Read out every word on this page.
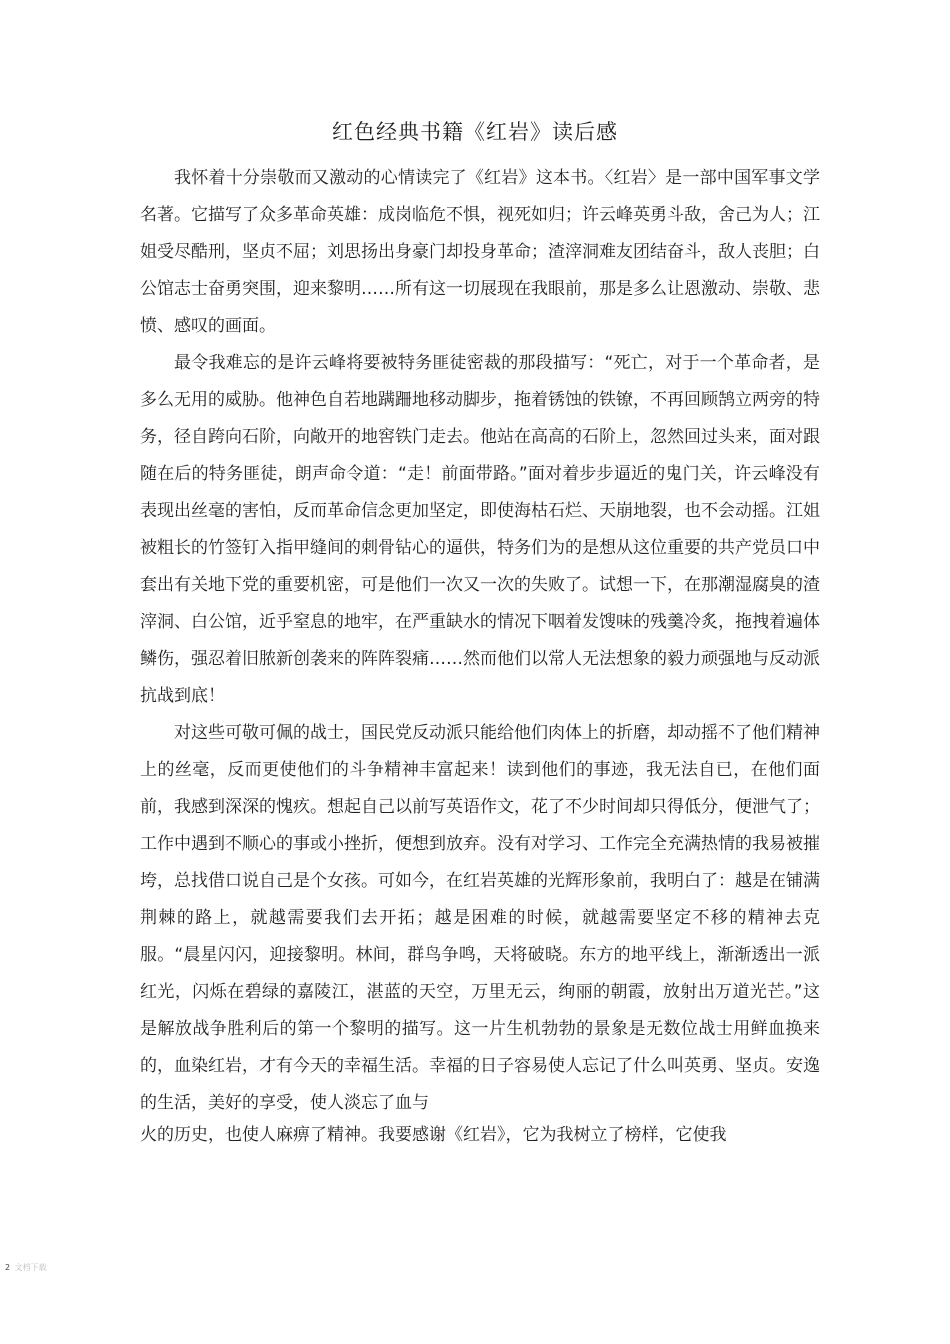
红色经典书籍《红岩》读后感

我怀着十分崇敬而又激动的心情读完了《红岩》这本书。〈红岩〉是一部中国军事文学名著。它描写了众多革命英雄：成岗临危不惧，视死如归；许云峰英勇斗敌，舍己为人；江姐受尽酷刑，坚贞不屈；刘思扬出身豪门却投身革命；渣滓洞难友团结奋斗，敌人丧胆；白公馆志士奋勇突围，迎来黎明……所有这一切展现在我眼前，那是多么让恩激动、崇敬、悲愤、感叹的画面。

最令我难忘的是许云峰将要被特务匪徒密裁的那段描写：“死亡，对于一个革命者，是多么无用的威胁。他神色自若地蹒跚地移动脚步，拖着锈蚀的铁镣，不再回顾鹄立两旁的特务，径自跨向石阶，向敞开的地窖铁门走去。他站在高高的石阶上，忽然回过头来，面对跟随在后的特务匪徒，朗声命令道：“走！前面带路。”面对着步步逼近的鬼门关，许云峰没有表现出丝毫的害怕，反而革命信念更加坚定，即使海枯石烂、天崩地裂，也不会动摇。江姐被粗长的竹签钉入指甲缝间的刺骨钻心的逼供，特务们为的是想从这位重要的共产党员口中套出有关地下党的重要机密，可是他们一次又一次的失败了。试想一下，在那潮湿腐臭的渣滓洞、白公馆，近乎窒息的地牢，在严重缺水的情况下咽着发馊味的残羹冷炙，拖拽着遍体鳞伤，强忍着旧脓新创袭来的阵阵裂痛……然而他们以常人无法想象的毅力顽强地与反动派抗战到底！

对这些可敬可佩的战士，国民党反动派只能给他们肉体上的折磨，却动摇不了他们精神上的丝毫，反而更使他们的斗争精神丰富起来！读到他们的事迹，我无法自已，在他们面前，我感到深深的愧疚。想起自己以前写英语作文，花了不少时间却只得低分，便泄气了；工作中遇到不顺心的事或小挫折，便想到放弃。没有对学习、工作完全充满热情的我易被摧垮，总找借口说自己是个女孩。可如今，在红岩英雄的光辉形象前，我明白了：越是在铺满荆棘的路上，就越需要我们去开拓；越是困难的时候，就越需要坚定不移的精神去克服。“晨星闪闪，迎接黎明。林间，群鸟争鸣，天将破晓。东方的地平线上，渐渐透出一派红光，闪烁在碧绿的嘉陵江，湛蓝的天空，万里无云，绚丽的朝霞，放射出万道光芒。”这是解放战争胜利后的第一个黎明的描写。这一片生机勃勃的景象是无数位战士用鲜血换来的，血染红岩，才有今天的幸福生活。幸福的日子容易使人忘记了什么叫英勇、坚贞。安逸的生活，美好的享受，使人淡忘了血与

火的历史，也使人麻痹了精神。我要感谢《红岩》，它为我树立了榜样，它使我

2 文档下载
